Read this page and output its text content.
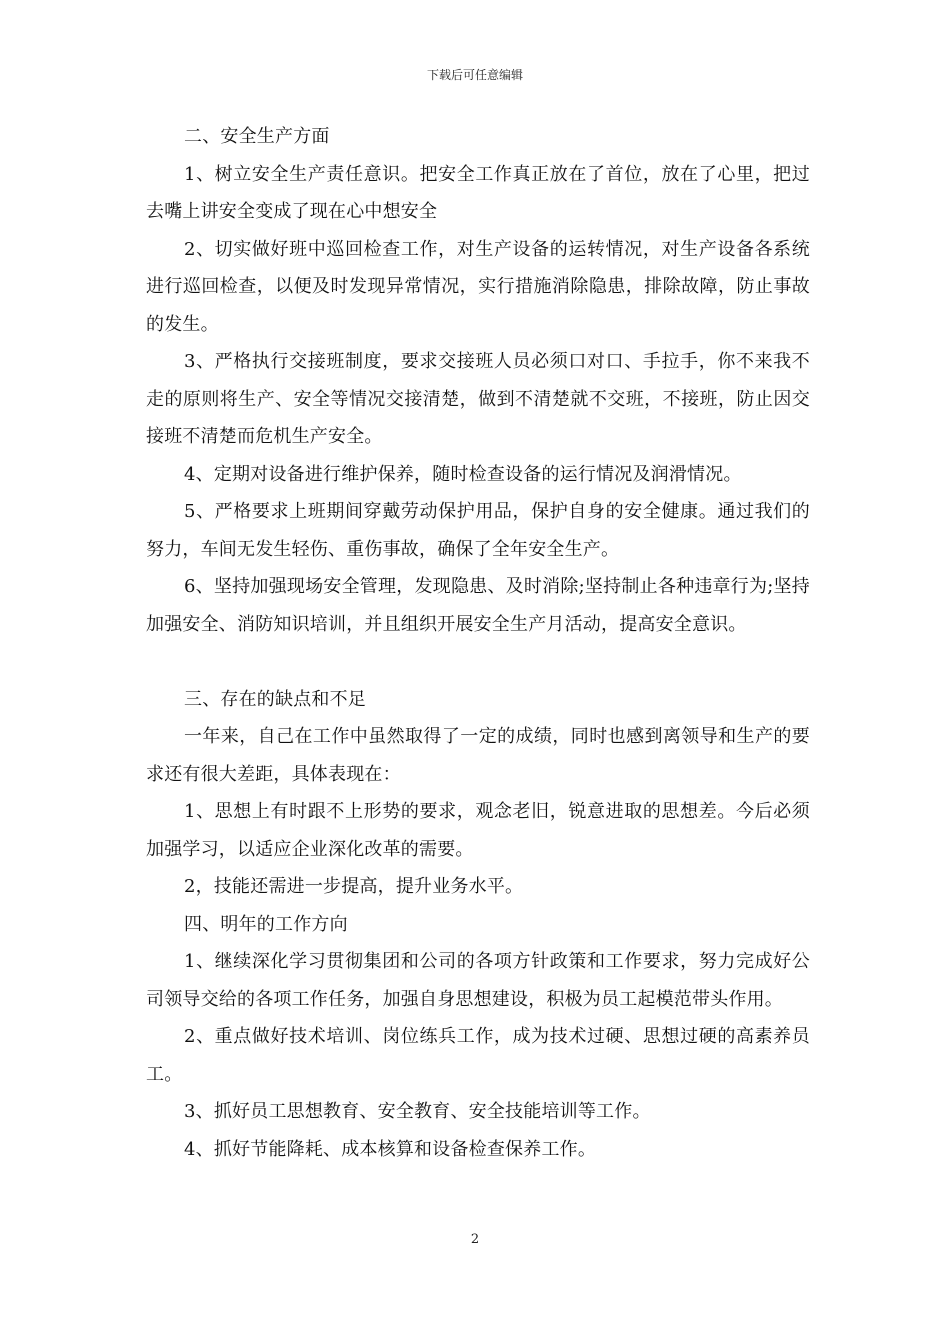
下载后可任意编辑

二、安全生产方面

1、树立安全生产责任意识。把安全工作真正放在了首位，放在了心里，把过去嘴上讲安全变成了现在心中想安全

2、切实做好班中巡回检查工作，对生产设备的运转情况，对生产设备各系统进行巡回检查，以便及时发现异常情况，实行措施消除隐患，排除故障，防止事故的发生。

3、严格执行交接班制度，要求交接班人员必须口对口、手拉手，你不来我不走的原则将生产、安全等情况交接清楚，做到不清楚就不交班，不接班，防止因交接班不清楚而危机生产安全。

4、定期对设备进行维护保养，随时检查设备的运行情况及润滑情况。

5、严格要求上班期间穿戴劳动保护用品，保护自身的安全健康。通过我们的努力，车间无发生轻伤、重伤事故，确保了全年安全生产。

6、坚持加强现场安全管理，发现隐患、及时消除;坚持制止各种违章行为;坚持加强安全、消防知识培训，并且组织开展安全生产月活动，提高安全意识。

三、存在的缺点和不足

一年来，自己在工作中虽然取得了一定的成绩，同时也感到离领导和生产的要求还有很大差距，具体表现在：

1、思想上有时跟不上形势的要求，观念老旧，锐意进取的思想差。今后必须加强学习，以适应企业深化改革的需要。

2，技能还需进一步提高，提升业务水平。

四、明年的工作方向

1、继续深化学习贯彻集团和公司的各项方针政策和工作要求，努力完成好公司领导交给的各项工作任务，加强自身思想建设，积极为员工起模范带头作用。

2、重点做好技术培训、岗位练兵工作，成为技术过硬、思想过硬的高素养员工。

3、抓好员工思想教育、安全教育、安全技能培训等工作。

4、抓好节能降耗、成本核算和设备检查保养工作。

2
